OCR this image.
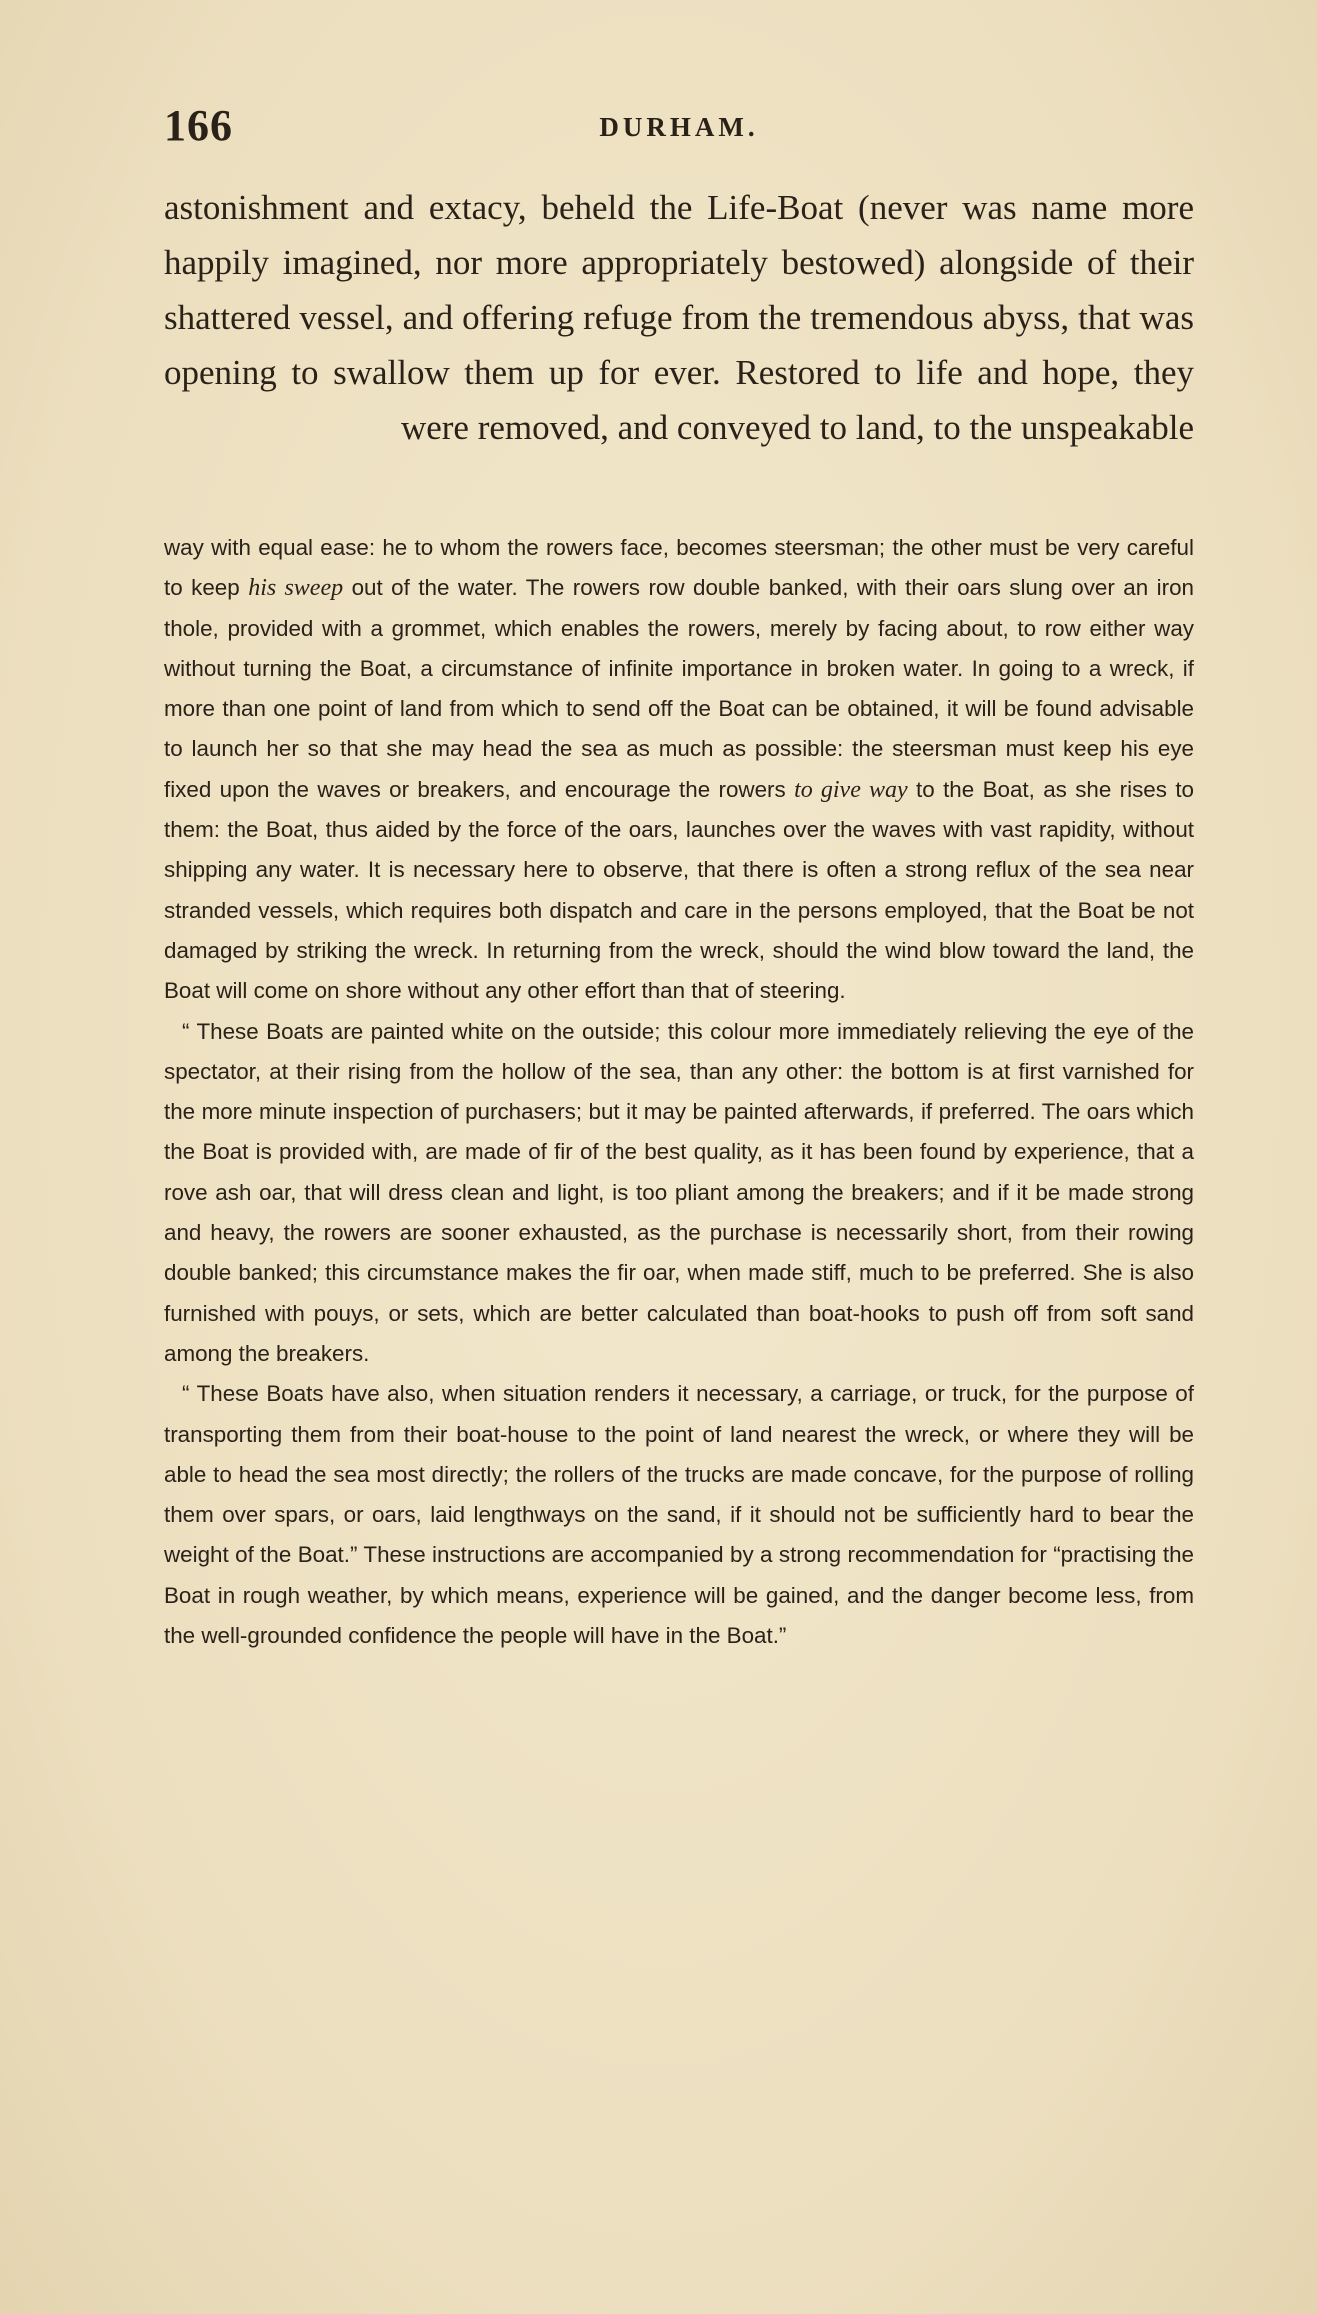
166	DURHAM.

astonishment and extacy, beheld the Life-Boat (never was name more happily imagined, nor more appropriately bestowed) alongside of their shattered vessel, and offering refuge from the tremendous abyss, that was opening to swallow them up for ever. Restored to life and hope, they were removed, and conveyed to land, to the unspeakable

way with equal ease: he to whom the rowers face, becomes steersman; the other must be very careful to keep his sweep out of the water. The rowers row double banked, with their oars slung over an iron thole, provided with a grommet, which enables the rowers, merely by facing about, to row either way without turning the Boat, a circumstance of infinite importance in broken water. In going to a wreck, if more than one point of land from which to send off the Boat can be obtained, it will be found advisable to launch her so that she may head the sea as much as possible: the steersman must keep his eye fixed upon the waves or breakers, and encourage the rowers to give way to the Boat, as she rises to them: the Boat, thus aided by the force of the oars, launches over the waves with vast rapidity, without shipping any water. It is necessary here to observe, that there is often a strong reflux of the sea near stranded vessels, which requires both dispatch and care in the persons employed, that the Boat be not damaged by striking the wreck. In returning from the wreck, should the wind blow toward the land, the Boat will come on shore without any other effort than that of steering.

“ These Boats are painted white on the outside; this colour more immediately relieving the eye of the spectator, at their rising from the hollow of the sea, than any other: the bottom is at first varnished for the more minute inspection of purchasers; but it may be painted afterwards, if preferred. The oars which the Boat is provided with, are made of fir of the best quality, as it has been found by experience, that a rove ash oar, that will dress clean and light, is too pliant among the breakers; and if it be made strong and heavy, the rowers are sooner exhausted, as the purchase is necessarily short, from their rowing double banked; this circumstance makes the fir oar, when made stiff, much to be preferred. She is also furnished with pouys, or sets, which are better calculated than boat-hooks to push off from soft sand among the breakers.

“ These Boats have also, when situation renders it necessary, a carriage, or truck, for the purpose of transporting them from their boat-house to the point of land nearest the wreck, or where they will be able to head the sea most directly; the rollers of the trucks are made concave, for the purpose of rolling them over spars, or oars, laid lengthways on the sand, if it should not be sufficiently hard to bear the weight of the Boat.” These instructions are accompanied by a strong recommendation for “practising the Boat in rough weather, by which means, experience will be gained, and the danger become less, from the well-grounded confidence the people will have in the Boat.”
